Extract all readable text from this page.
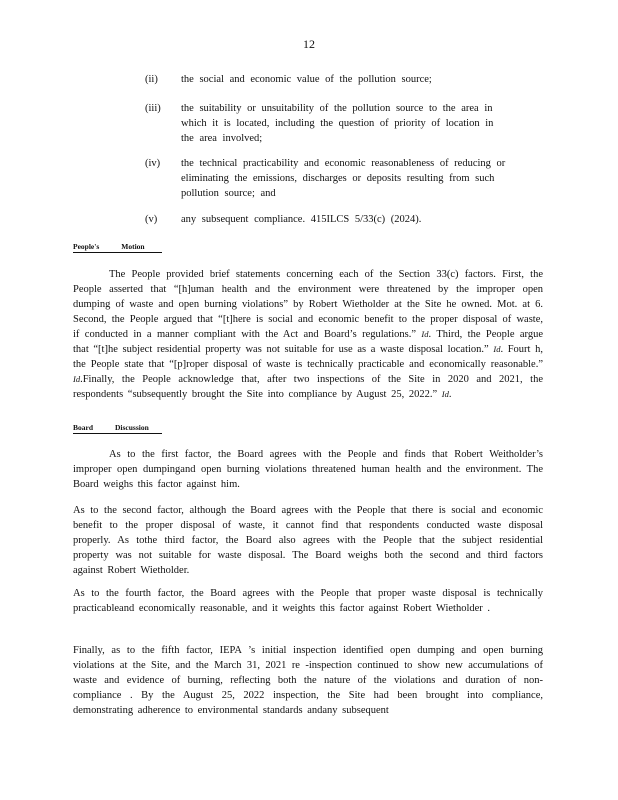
12
(ii) the social and economic value of the pollution source;
(iii) the suitability or unsuitability of the pollution source to the area in which it is located, including the question of priority of location in the area involved;
(iv) the technical practicability and economic reasonableness of reducing or eliminating the emissions, discharges or deposits resulting from such pollution source; and
(v) any subsequent compliance. 415ILCS 5/33(c) (2024).
People's	Motion
The People provided brief statements concerning each of the Section 33(c) factors. First, the People asserted that “[h]uman health and the environment were threatened by the improper open dumping of waste and open burning violations” by Robert Wietholder at the Site he owned. Mot. at 6. Second, the People argued that “[t]here is social and economic benefit to the proper disposal of waste, if conducted in a manner compliant with the Act and Board’s regulations.” Id. Third, the People argue that “[t]he subject residential property was not suitable for use as a waste disposal location.” Id. Fourt h, the People state that “[p]roper disposal of waste is technically practicable and economically reasonable.” Id.Finally, the People acknowledge that, after two inspections of the Site in 2020 and 2021, the respondents “subsequently brought the Site into compliance by August 25, 2022.” Id.
Board	Discussion
As to the first factor, the Board agrees with the People and finds that Robert Weitholder’s improper open dumpingand open burning violations threatened human health and the environment. The Board weighs this factor against him.
As to the second factor, although the Board agrees with the People that there is social and economic benefit to the proper disposal of waste, it cannot find that respondents conducted waste disposal properly. As tothe third factor, the Board also agrees with the People that the subject residential property was not suitable for waste disposal. The Board weighs both the second and third factors against Robert Wietholder.
As to the fourth factor, the Board agrees with the People that proper waste disposal is technically practicableand economically reasonable, and it weights this factor against Robert Wietholder .
Finally, as to the fifth factor, IEPA ’s initial inspection identified open dumping and open burning violations at the Site, and the March 31, 2021 re -inspection continued to show new accumulations of waste and evidence of burning, reflecting both the nature of the violations and duration of non- compliance . By the August 25, 2022 inspection, the Site had been brought into compliance, demonstrating adherence to environmental standards andany subsequent
